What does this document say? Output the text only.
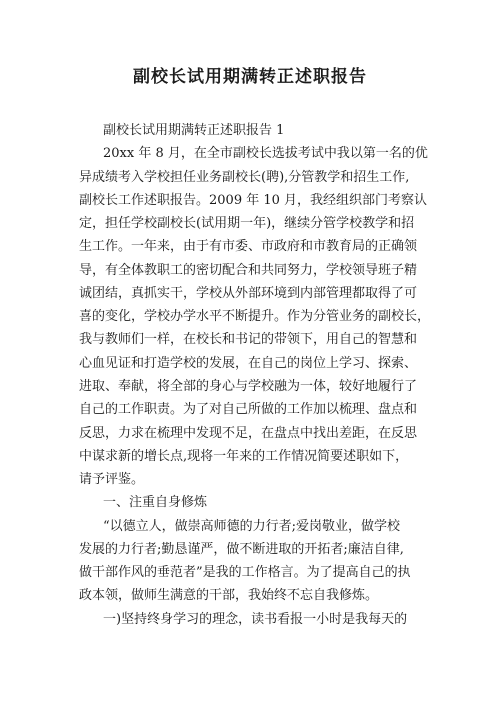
副校长试用期满转正述职报告
副校长试用期满转正述职报告 1
20xx 年 8 月，在全市副校长选拔考试中我以第一名的优
异成绩考入学校担任业务副校长(聘),分管教学和招生工作,
副校长工作述职报告。2009 年 10 月，我经组织部门考察认
定，担任学校副校长(试用期一年)，继续分管学校教学和招
生工作。一年来，由于有市委、市政府和市教育局的正确领
导，有全体教职工的密切配合和共同努力，学校领导班子精
诚团结，真抓实干，学校从外部环境到内部管理都取得了可
喜的变化，学校办学水平不断提升。作为分管业务的副校长，
我与教师们一样，在校长和书记的带领下，用自己的智慧和
心血见证和打造学校的发展，在自己的岗位上学习、探索、
进取、奉献，将全部的身心与学校融为一体，较好地履行了
自己的工作职责。为了对自己所做的工作加以梳理、盘点和
反思，力求在梳理中发现不足，在盘点中找出差距，在反思
中谋求新的增长点,现将一年来的工作情况简要述职如下，
请予评鉴。
一、注重自身修炼
“以德立人，做崇高师德的力行者;爱岗敬业，做学校
发展的力行者;勤恳谨严，做不断进取的开拓者;廉洁自律,
做干部作风的垂范者”是我的工作格言。为了提高自己的执
政本领，做师生满意的干部，我始终不忘自我修炼。
一)坚持终身学习的理念，读书看报一小时是我每天的
